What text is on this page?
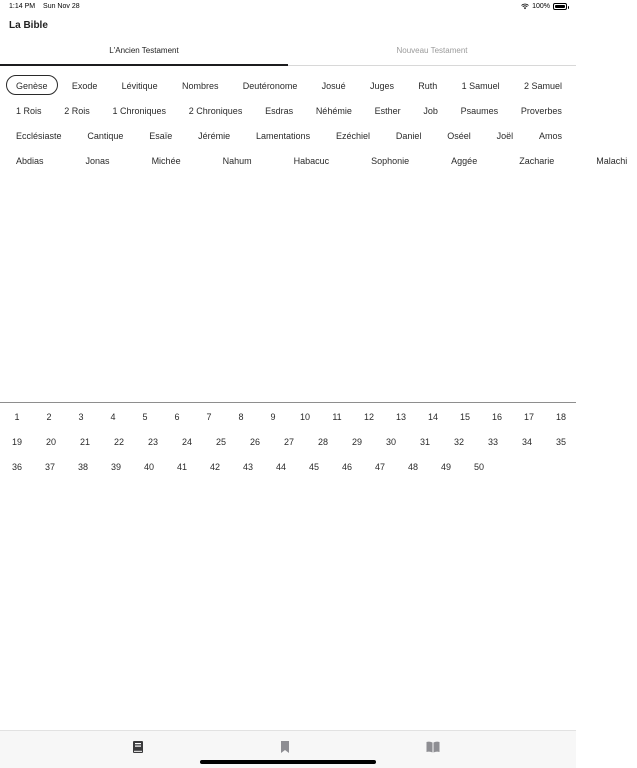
1:14 PM Sun Nov 28	100%
La Bible
L'Ancien Testament	Nouveau Testament
Genèse	Exode	Lévitique	Nombres	Deutéronome	Josué	Juges	Ruth	1 Samuel	2 Samuel
1 Rois	2 Rois	1 Chroniques	2 Chroniques	Esdras	Néhémie	Esther	Job	Psaumes	Proverbes
Ecclésiaste	Cantique	Esaïe	Jérémie	Lamentations	Ezéchiel	Daniel	Oséel	Joël	Amos
Abdias	Jonas	Michée	Nahum	Habacuc	Sophonie	Aggée	Zacharie	Malachi
1	2	3	4	5	6	7	8	9	10	11	12	13	14	15	16	17	18
19	20	21	22	23	24	25	26	27	28	29	30	31	32	33	34	35
36	37	38	39	40	41	42	43	44	45	46	47	48	49	50
